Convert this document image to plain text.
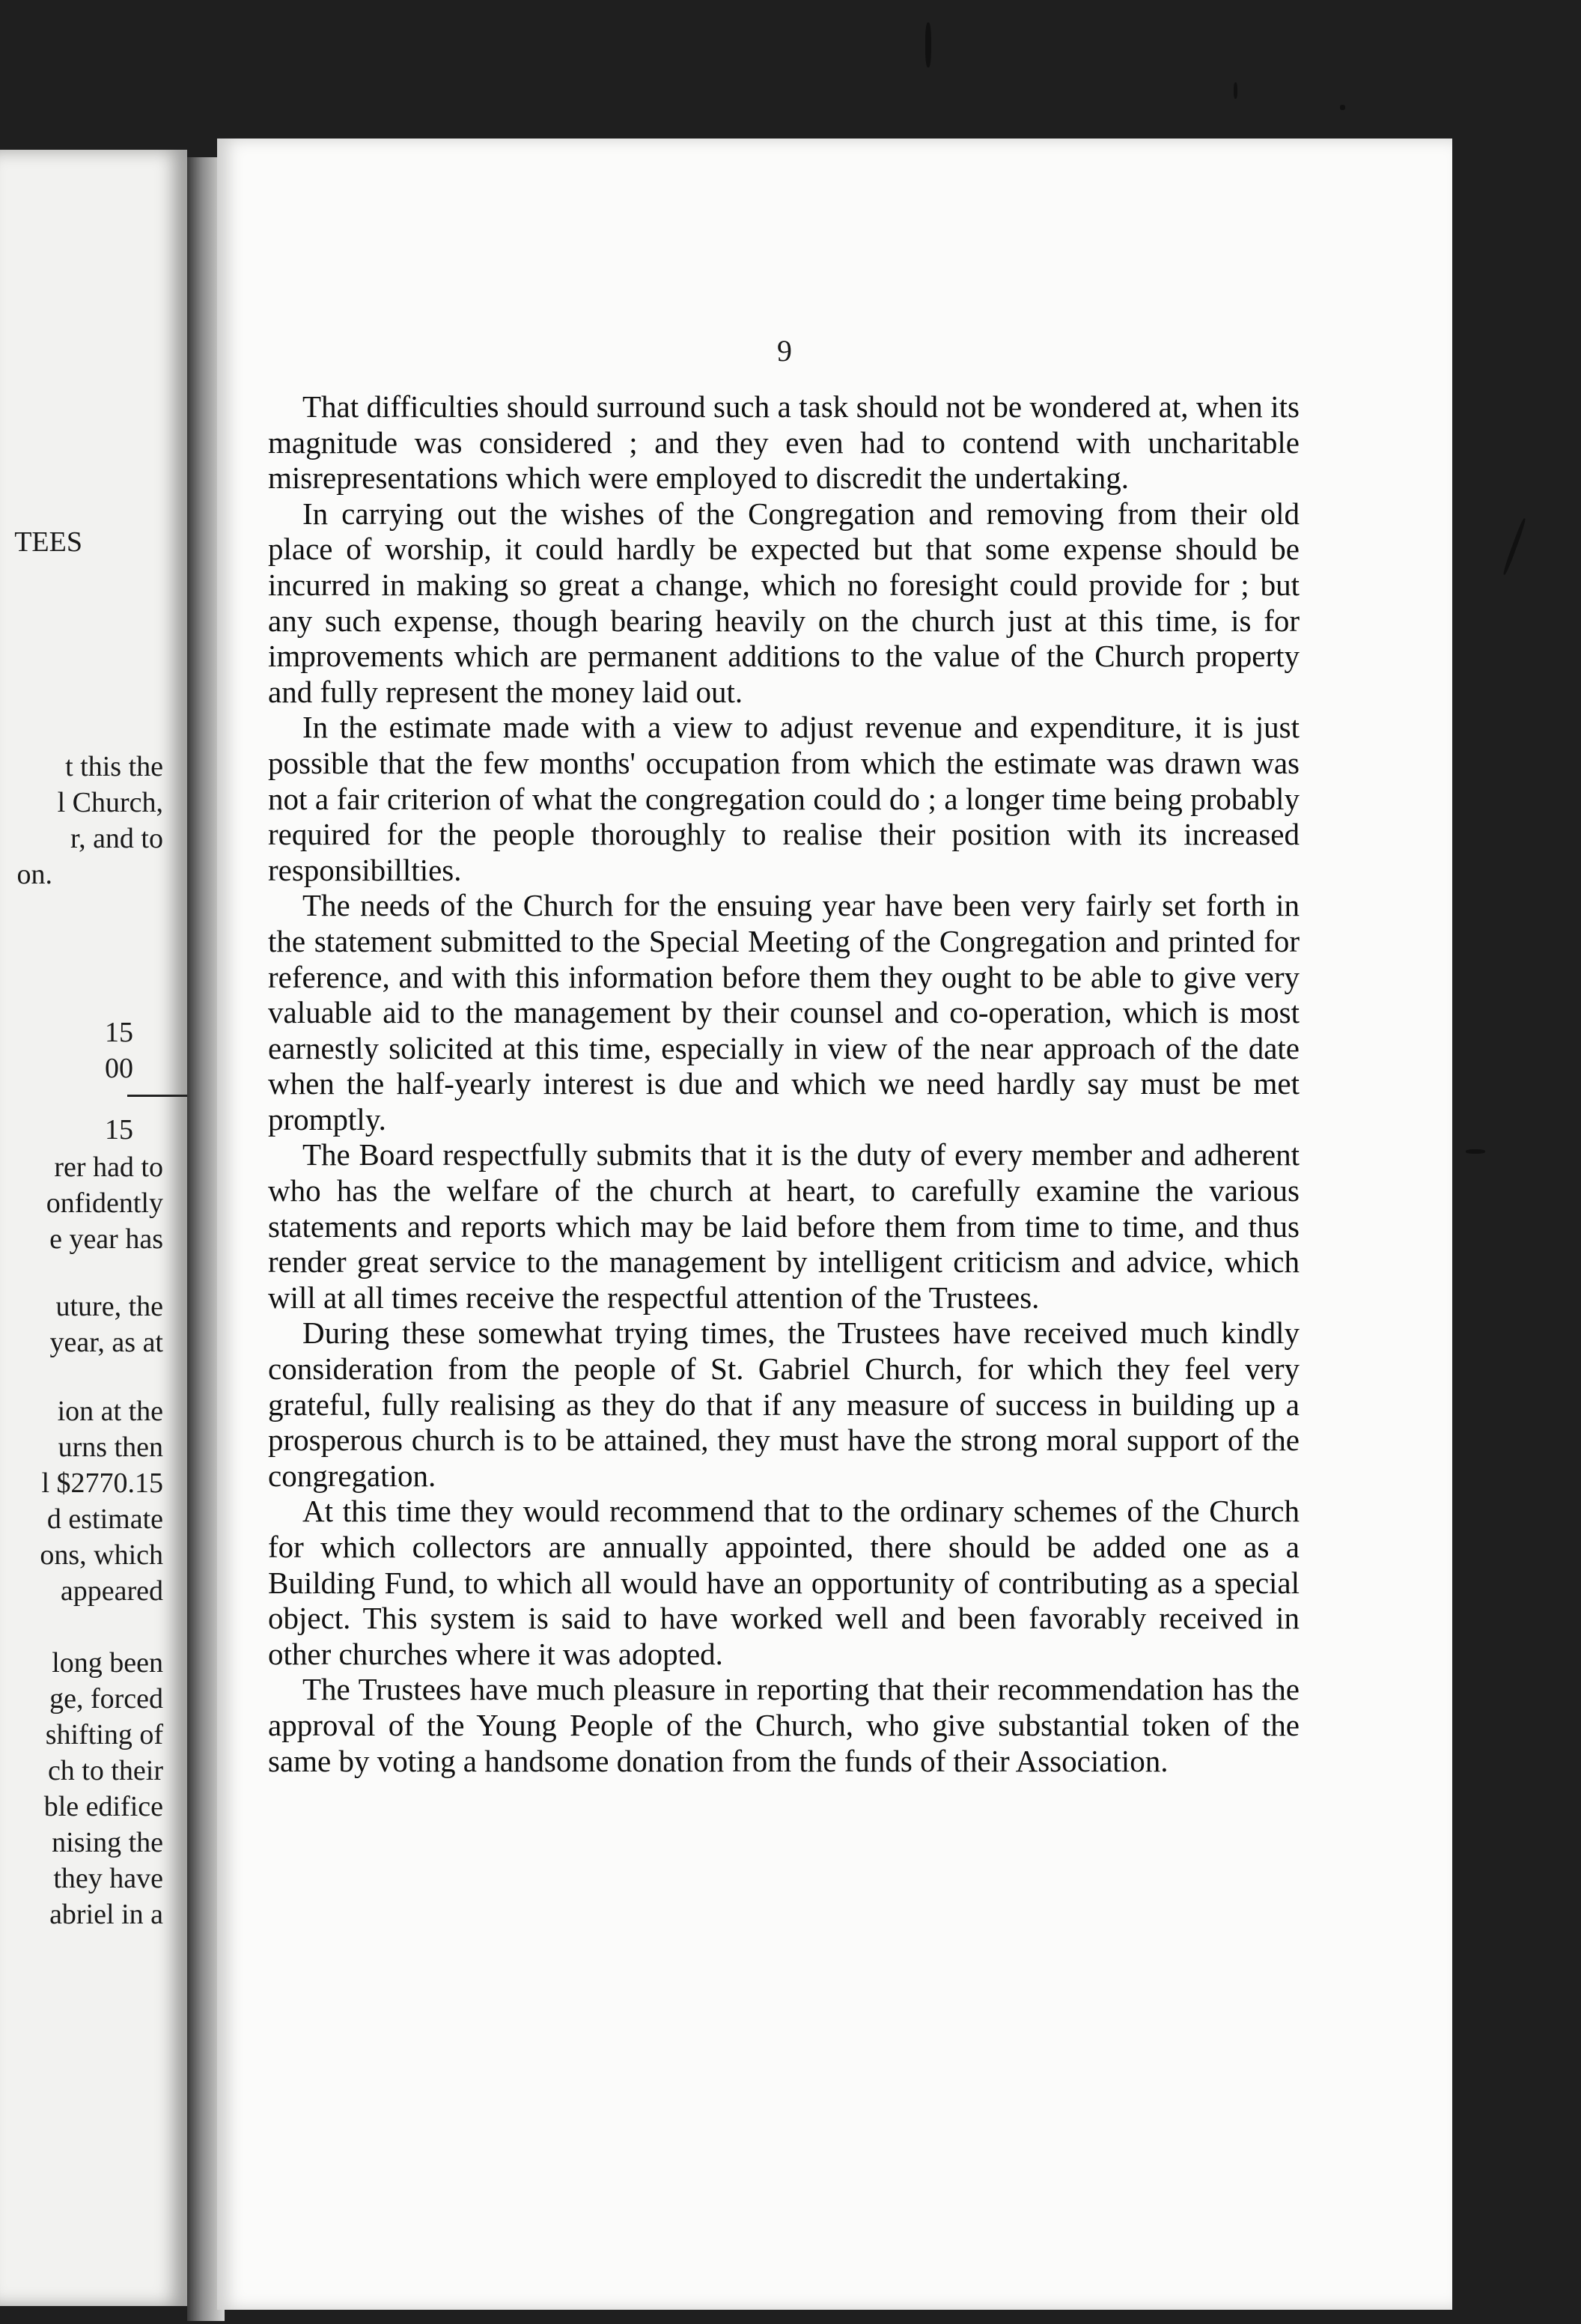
TEES
t this the
l Church,
r, and to
on.
15
00
15
rer had to
onfidently
e year has
uture, the
year, as at
ion at the
urns then
l $2770.15
d estimate
ons, which
appeared
long been
ge, forced
shifting of
ch to their
ble edifice
nising the
they have
abriel in a
9

That difficulties should surround such a task should not be wondered at, when its magnitude was considered ; and they even had to contend with uncharitable misrepresentations which were employed to discredit the undertaking.

In carrying out the wishes of the Congregation and removing from their old place of worship, it could hardly be expected but that some expense should be incurred in making so great a change, which no foresight could provide for ; but any such expense, though bearing heavily on the church just at this time, is for improvements which are permanent additions to the value of the Church property and fully represent the money laid out.

In the estimate made with a view to adjust revenue and expenditure, it is just possible that the few months' occupation from which the estimate was drawn was not a fair criterion of what the congregation could do ; a longer time being probably required for the people thoroughly to realise their position with its increased responsibillties.

The needs of the Church for the ensuing year have been very fairly set forth in the statement submitted to the Special Meeting of the Congregation and printed for reference, and with this information before them they ought to be able to give very valuable aid to the management by their counsel and co-operation, which is most earnestly solicited at this time, especially in view of the near approach of the date when the half-yearly interest is due and which we need hardly say must be met promptly.

The Board respectfully submits that it is the duty of every member and adherent who has the welfare of the church at heart, to carefully examine the various statements and reports which may be laid before them from time to time, and thus render great service to the management by intelligent criticism and advice, which will at all times receive the respectful attention of the Trustees.

During these somewhat trying times, the Trustees have received much kindly consideration from the people of St. Gabriel Church, for which they feel very grateful, fully realising as they do that if any measure of success in building up a prosperous church is to be attained, they must have the strong moral support of the congregation.

At this time they would recommend that to the ordinary schemes of the Church for which collectors are annually appointed, there should be added one as a Building Fund, to which all would have an opportunity of contributing as a special object. This system is said to have worked well and been favorably received in other churches where it was adopted.

The Trustees have much pleasure in reporting that their recommendation has the approval of the Young People of the Church, who give substantial token of the same by voting a handsome donation from the funds of their Association.
